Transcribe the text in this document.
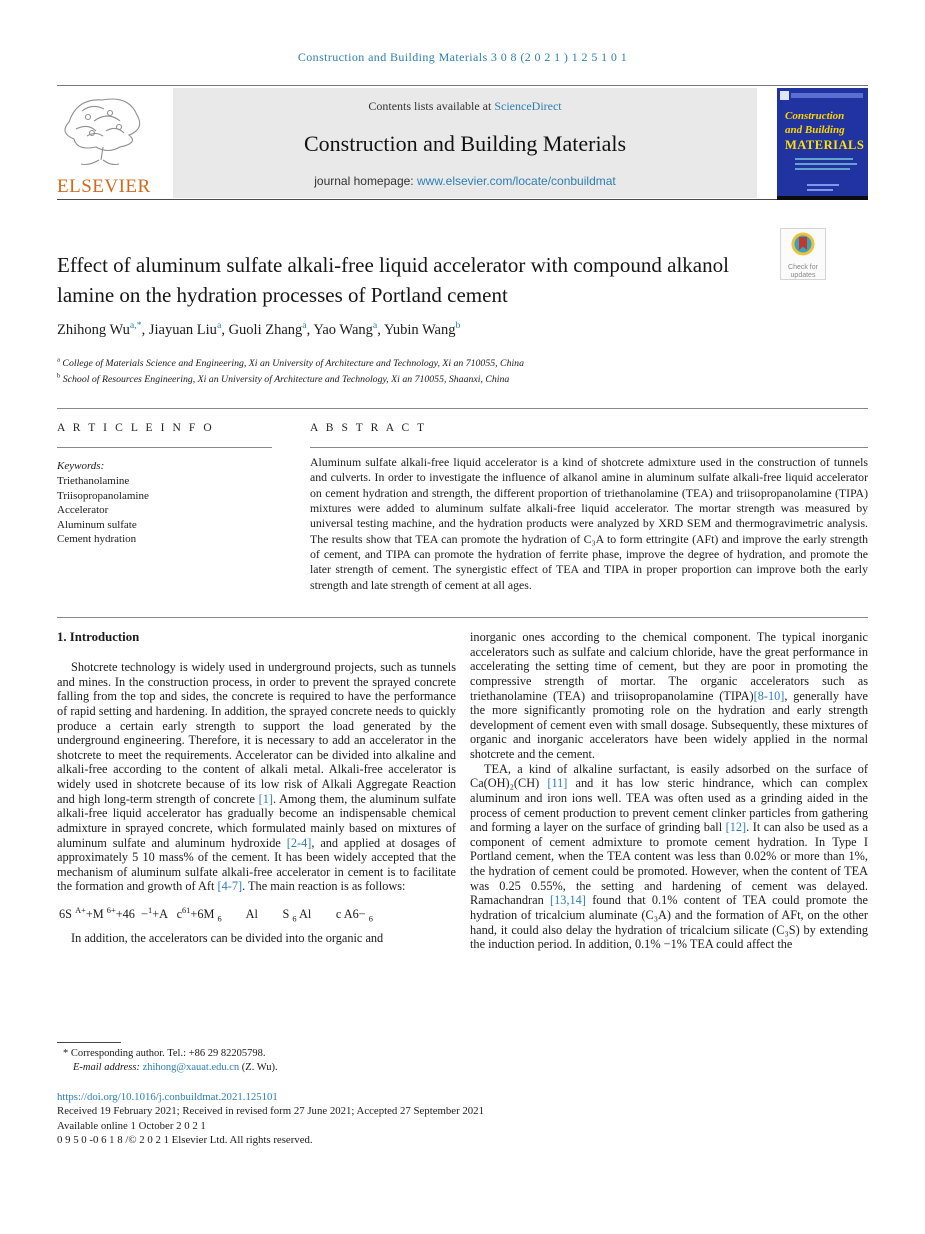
Construction and Building Materials 3 0 8 (2 0 2 1 ) 1 2 5 1 0 1
ELSEVIER
Contents lists available at ScienceDirect
Construction and Building Materials
journal homepage: www.elsevier.com/locate/conbuildmat
Construction
and Building
MATERIALS
Check for updates
Effect of aluminum sulfate alkali-free liquid accelerator with compound alkanol lamine on the hydration processes of Portland cement
Zhihong $Wu^{a,*}$, Jiayuan Liu$^a$, Guoli Zhang$^a$, Yao Wang$^a$, Yubin Wang$^b$
$^a$ College of Materials Science and Engineering, Xi an University of Architecture and Technology, Xi an 710055, China
$^b$ School of Resources Engineering, Xi an University of Architecture and Technology, Xi an 710055, Shaanxi, China
A R T I C L E I N F O
Keywords:
Triethanolamine
Triisopropanolamine
Accelerator
Aluminum sulfate
Cement hydration
A B S T R A C T
Aluminum sulfate alkali-free liquid accelerator is a kind of shotcrete admixture used in the construction of tunnels and culverts. In order to investigate the influence of alkanol amine in aluminum sulfate alkali-free liquid accelerator on cement hydration and strength, the different proportion of triethanolamine (TEA) and triisopropanolamine (TIPA) mixtures were added to aluminum sulfate alkali-free liquid accelerator. The mortar strength was measured by universal testing machine, and the hydration products were analyzed by XRD SEM and thermogravimetric analysis. The results show that TEA can promote the hydration of C₃A to form ettringite (AFt) and improve the early strength of cement, and TIPA can promote the hydration of ferrite phase, improve the degree of hydration, and promote the later strength of cement. The synergistic effect of TEA and TIPA in proper proportion can improve both the early strength and late strength of cement at all ages.
1. Introduction

Shotcrete technology is widely used in underground projects, such as tunnels and mines. In the construction process, in order to prevent the sprayed concrete falling from the top and sides, the concrete is required to have the performance of rapid setting and hardening. In addition, the sprayed concrete needs to quickly produce a certain early strength to support the load generated by the underground engineering. Therefore, it is necessary to add an accelerator in the shotcrete to meet the requirements. Accelerator can be divided into alkaline and alkali-free according to the content of alkali metal. Alkali-free accelerator is widely used in shotcrete because of its low risk of Alkali Aggregate Reaction and high long-term strength of concrete [1]. Among them, the aluminum sulfate alkali-free liquid accelerator has gradually become an indispensable chemical admixture in sprayed concrete, which formulated mainly based on mixtures of aluminum sulfate and aluminum hydroxide [2-4], and applied at dosages of approximately 5 10 mass% of the cement. It has been widely accepted that the mechanism of aluminum sulfate alkali-free accelerator in cement is to facilitate the formation and growth of Aft [4-7]. The main reaction is as follows:

6S $^{A+}$+M $^{6+}$+46  −$^1$+A   $c^{61}+6M$ $_6$        Al        S $_6$ Al        c A6− $_6$

In addition, the accelerators can be divided into the organic and

inorganic ones according to the chemical component. The typical inorganic accelerators such as sulfate and calcium chloride, have the great performance in accelerating the setting time of cement, but they are poor in promoting the compressive strength of mortar. The organic accelerators such as triethanolamine (TEA) and triisopropanolamine (TIPA)[8-10], generally have the more significantly promoting role on the hydration and early strength development of cement even with small dosage. Subsequently, these mixtures of organic and inorganic accelerators have been widely applied in the normal shotcrete and the cement.

TEA, a kind of alkaline surfactant, is easily adsorbed on the surface of Ca(OH)₂(CH) [11] and it has low steric hindrance, which can complex aluminum and iron ions well. TEA was often used as a grinding aided in the process of cement production to prevent cement clinker particles from gathering and forming a layer on the surface of grinding ball [12]. It can also be used as a component of cement admixture to promote cement hydration. In Type I Portland cement, when the TEA content was less than 0.02% or more than 1%, the hydration of cement could be promoted. However, when the content of TEA was 0.25 0.55%, the setting and hardening of cement was delayed. Ramachandran [13,14] found that 0.1% content of TEA could promote the hydration of tricalcium aluminate (C₃A) and the formation of AFt, on the other hand, it could also delay the hydration of tricalcium silicate (C₃S) by extending the induction period. In addition, 0.1% −1% TEA could affect the

* Corresponding author. Tel.: +86 29 82205798.
E-mail address: zhihong@xauat.edu.cn (Z. Wu).
https://doi.org/10.1016/j.conbuildmat.2021.125101
Received 19 February 2021; Received in revised form 27 June 2021; Accepted 27 September 2021
Available online 1 October 2 0 2 1
0 9 5 0 -0 6 1 8 /© 2 0 2 1 Elsevier Ltd. All rights reserved.
